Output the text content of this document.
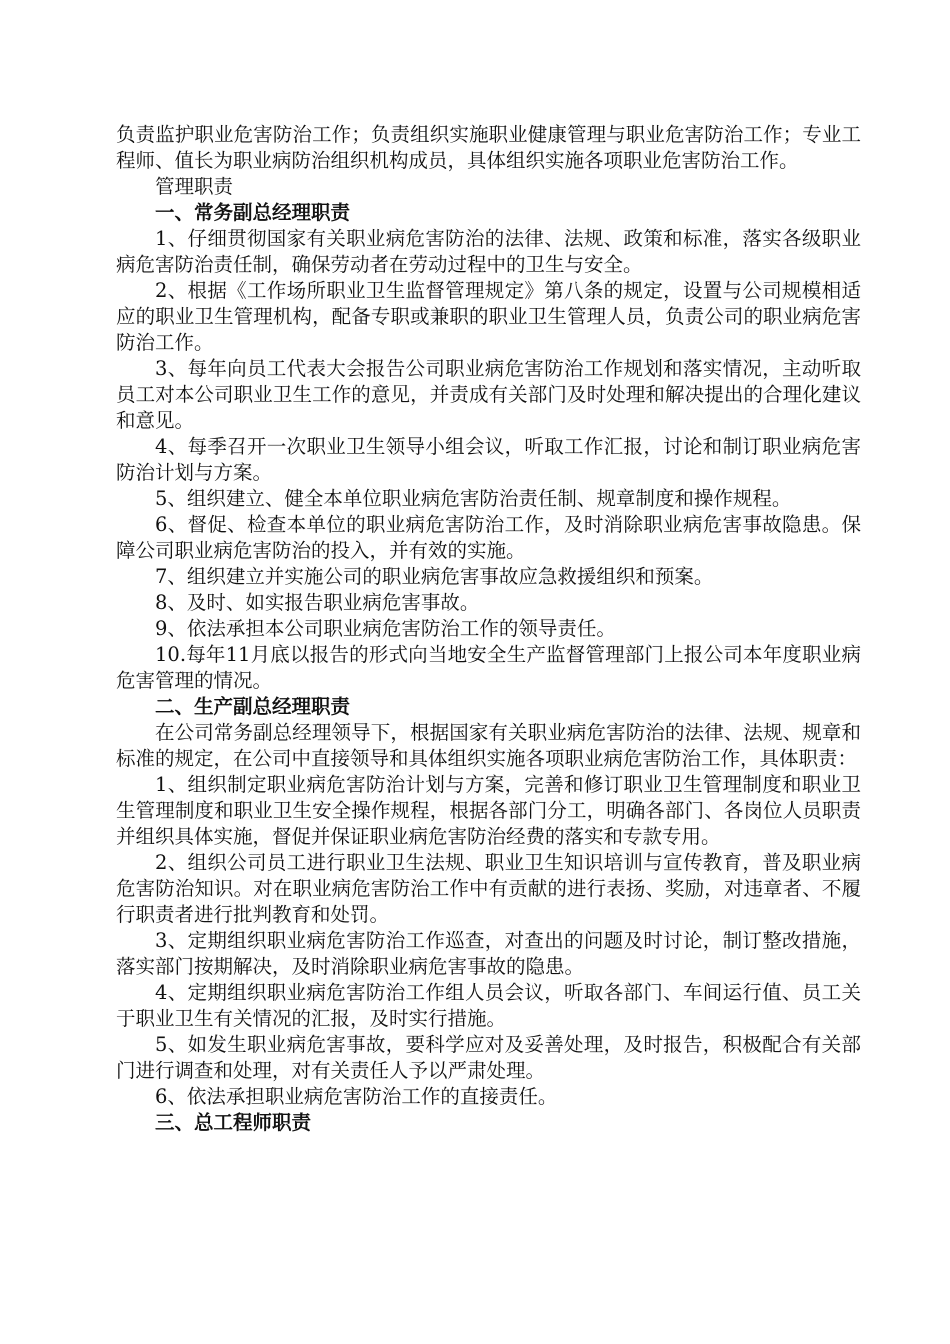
负责监护职业危害防治工作；负责组织实施职业健康管理与职业危害防治工作；专业工程师、值长为职业病防治组织机构成员，具体组织实施各项职业危害防治工作。

管理职责

一、常务副总经理职责

1、仔细贯彻国家有关职业病危害防治的法律、法规、政策和标准，落实各级职业病危害防治责任制，确保劳动者在劳动过程中的卫生与安全。

2、根据《工作场所职业卫生监督管理规定》第八条的规定，设置与公司规模相适应的职业卫生管理机构，配备专职或兼职的职业卫生管理人员，负责公司的职业病危害防治工作。

3、每年向员工代表大会报告公司职业病危害防治工作规划和落实情况，主动听取员工对本公司职业卫生工作的意见，并责成有关部门及时处理和解决提出的合理化建议和意见。

4、每季召开一次职业卫生领导小组会议，听取工作汇报，讨论和制订职业病危害防治计划与方案。

5、组织建立、健全本单位职业病危害防治责任制、规章制度和操作规程。

6、督促、检查本单位的职业病危害防治工作，及时消除职业病危害事故隐患。保障公司职业病危害防治的投入，并有效的实施。

7、组织建立并实施公司的职业病危害事故应急救援组织和预案。

8、及时、如实报告职业病危害事故。

9、依法承担本公司职业病危害防治工作的领导责任。

10.每年11月底以报告的形式向当地安全生产监督管理部门上报公司本年度职业病危害管理的情况。

二、生产副总经理职责

在公司常务副总经理领导下，根据国家有关职业病危害防治的法律、法规、规章和标准的规定，在公司中直接领导和具体组织实施各项职业病危害防治工作，具体职责：

1、组织制定职业病危害防治计划与方案，完善和修订职业卫生管理制度和职业卫生管理制度和职业卫生安全操作规程，根据各部门分工，明确各部门、各岗位人员职责并组织具体实施，督促并保证职业病危害防治经费的落实和专款专用。

2、组织公司员工进行职业卫生法规、职业卫生知识培训与宣传教育，普及职业病危害防治知识。对在职业病危害防治工作中有贡献的进行表扬、奖励，对违章者、不履行职责者进行批判教育和处罚。

3、定期组织职业病危害防治工作巡查，对查出的问题及时讨论，制订整改措施，落实部门按期解决，及时消除职业病危害事故的隐患。

4、定期组织职业病危害防治工作组人员会议，听取各部门、车间运行值、员工关于职业卫生有关情况的汇报，及时实行措施。

5、如发生职业病危害事故，要科学应对及妥善处理，及时报告，积极配合有关部门进行调查和处理，对有关责任人予以严肃处理。

6、依法承担职业病危害防治工作的直接责任。

三、总工程师职责
